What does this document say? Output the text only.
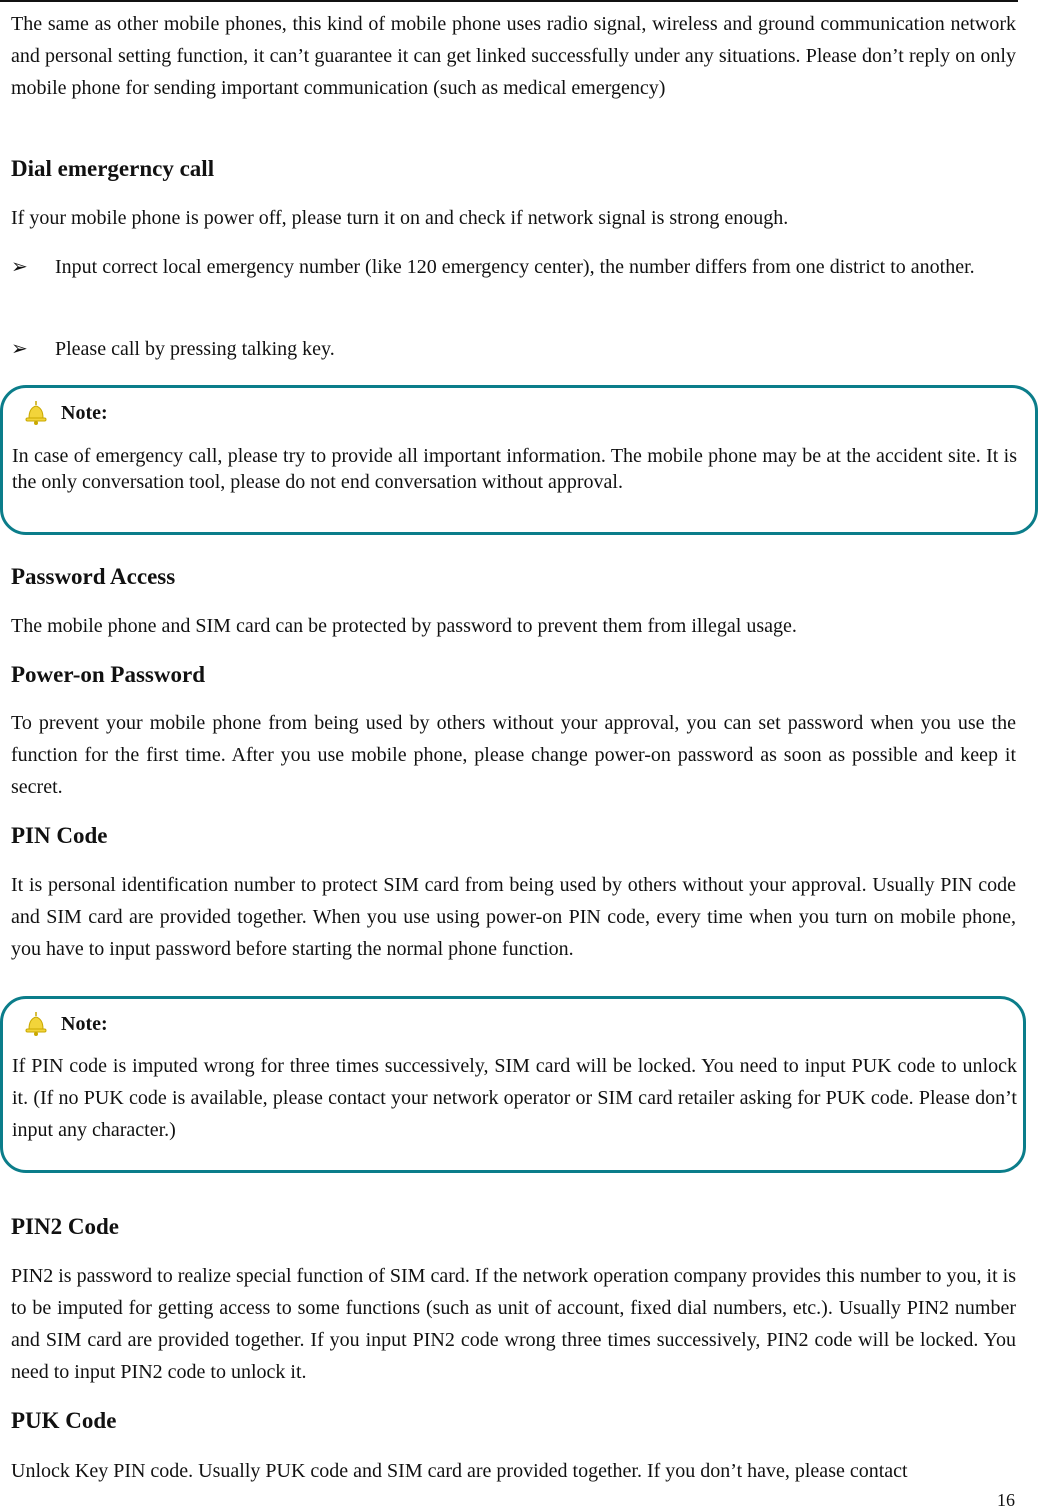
The same as other mobile phones, this kind of mobile phone uses radio signal, wireless and ground communication network and personal setting function, it can’t guarantee it can get linked successfully under any situations. Please don’t reply on only mobile phone for sending important communication (such as medical emergency)

Dial emergerncy call

If your mobile phone is power off, please turn it on and check if network signal is strong enough.

➢	Input correct local emergency number (like 120 emergency center), the number differs from one district to another.
➢	Please call by pressing talking key.
Note:
In case of emergency call, please try to provide all important information. The mobile phone may be at the accident site. It is the only conversation tool, please do not end conversation without approval.
Password Access

The mobile phone and SIM card can be protected by password to prevent them from illegal usage.

Power-on Password

To prevent your mobile phone from being used by others without your approval, you can set password when you use the function for the first time. After you use mobile phone, please change power-on password as soon as possible and keep it secret.

PIN Code

It is personal identification number to protect SIM card from being used by others without your approval. Usually PIN code and SIM card are provided together. When you use using power-on PIN code, every time when you turn on mobile phone, you have to input password before starting the normal phone function.

Note:
If PIN code is imputed wrong for three times successively, SIM card will be locked. You need to input PUK code to unlock it. (If no PUK code is available, please contact your network operator or SIM card retailer asking for PUK code. Please don’t input any character.)
PIN2 Code

PIN2 is password to realize special function of SIM card. If the network operation company provides this number to you, it is to be imputed for getting access to some functions (such as unit of account, fixed dial numbers, etc.). Usually PIN2 number and SIM card are provided together. If you input PIN2 code wrong three times successively, PIN2 code will be locked. You need to input PIN2 code to unlock it.

PUK Code

Unlock Key PIN code. Usually PUK code and SIM card are provided together. If you don’t have, please contact

16
